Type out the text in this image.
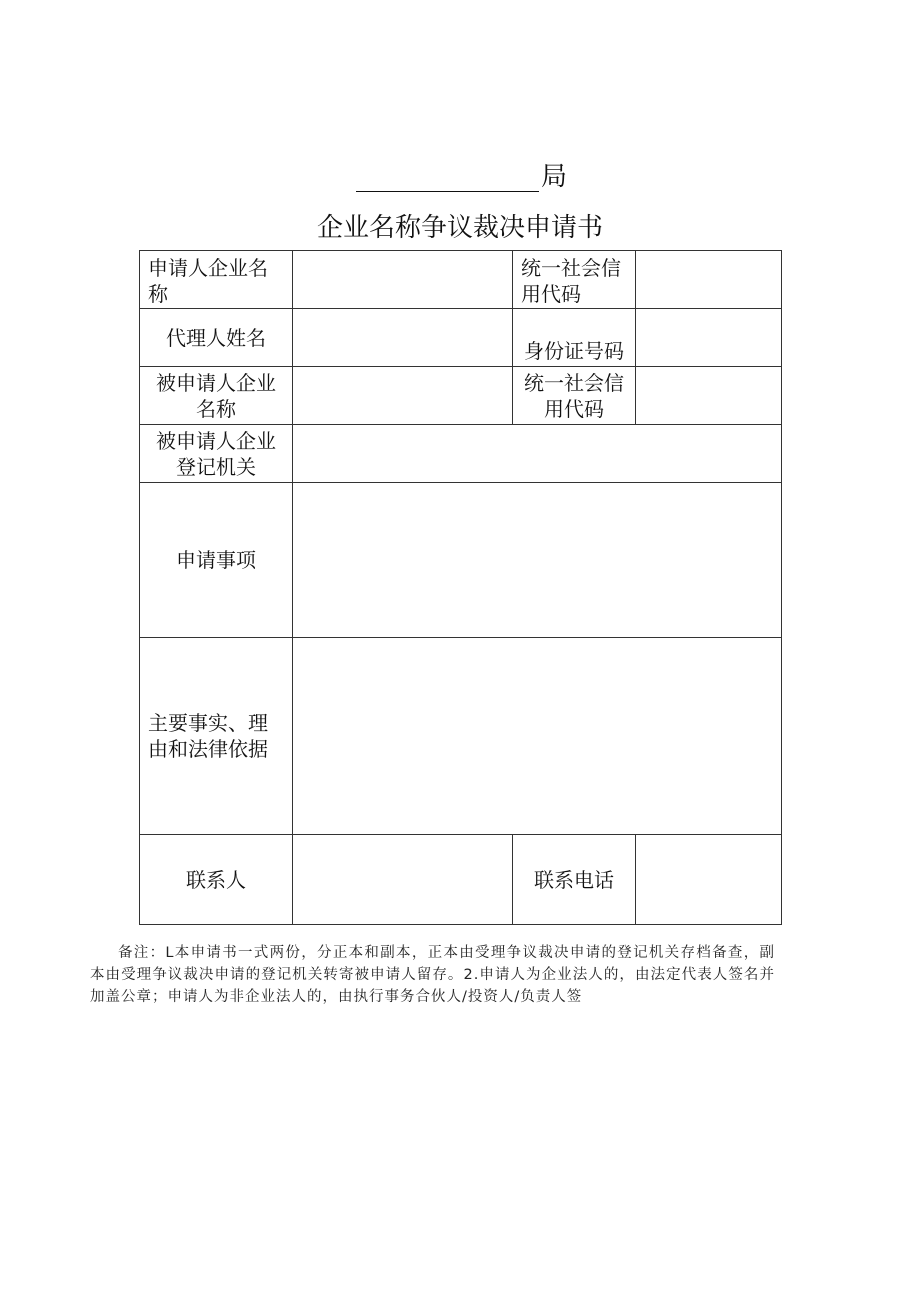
局
企业名称争议裁决申请书
申请人企业名称		统一社会信用代码	
代理人姓名		身份证号码	
被申请人企业名称		统一社会信用代码	
被申请人企业登记机关			
申请事项			
主要事实、理由和法律依据			
联系人		联系电话	
备注：L本申请书一式两份，分正本和副本，正本由受理争议裁决申请的登记机关存档备查，副本由受理争议裁决申请的登记机关转寄被申请人留存。2.申请人为企业法人的，由法定代表人签名并加盖公章；申请人为非企业法人的，由执行事务合伙人/投资人/负责人签
